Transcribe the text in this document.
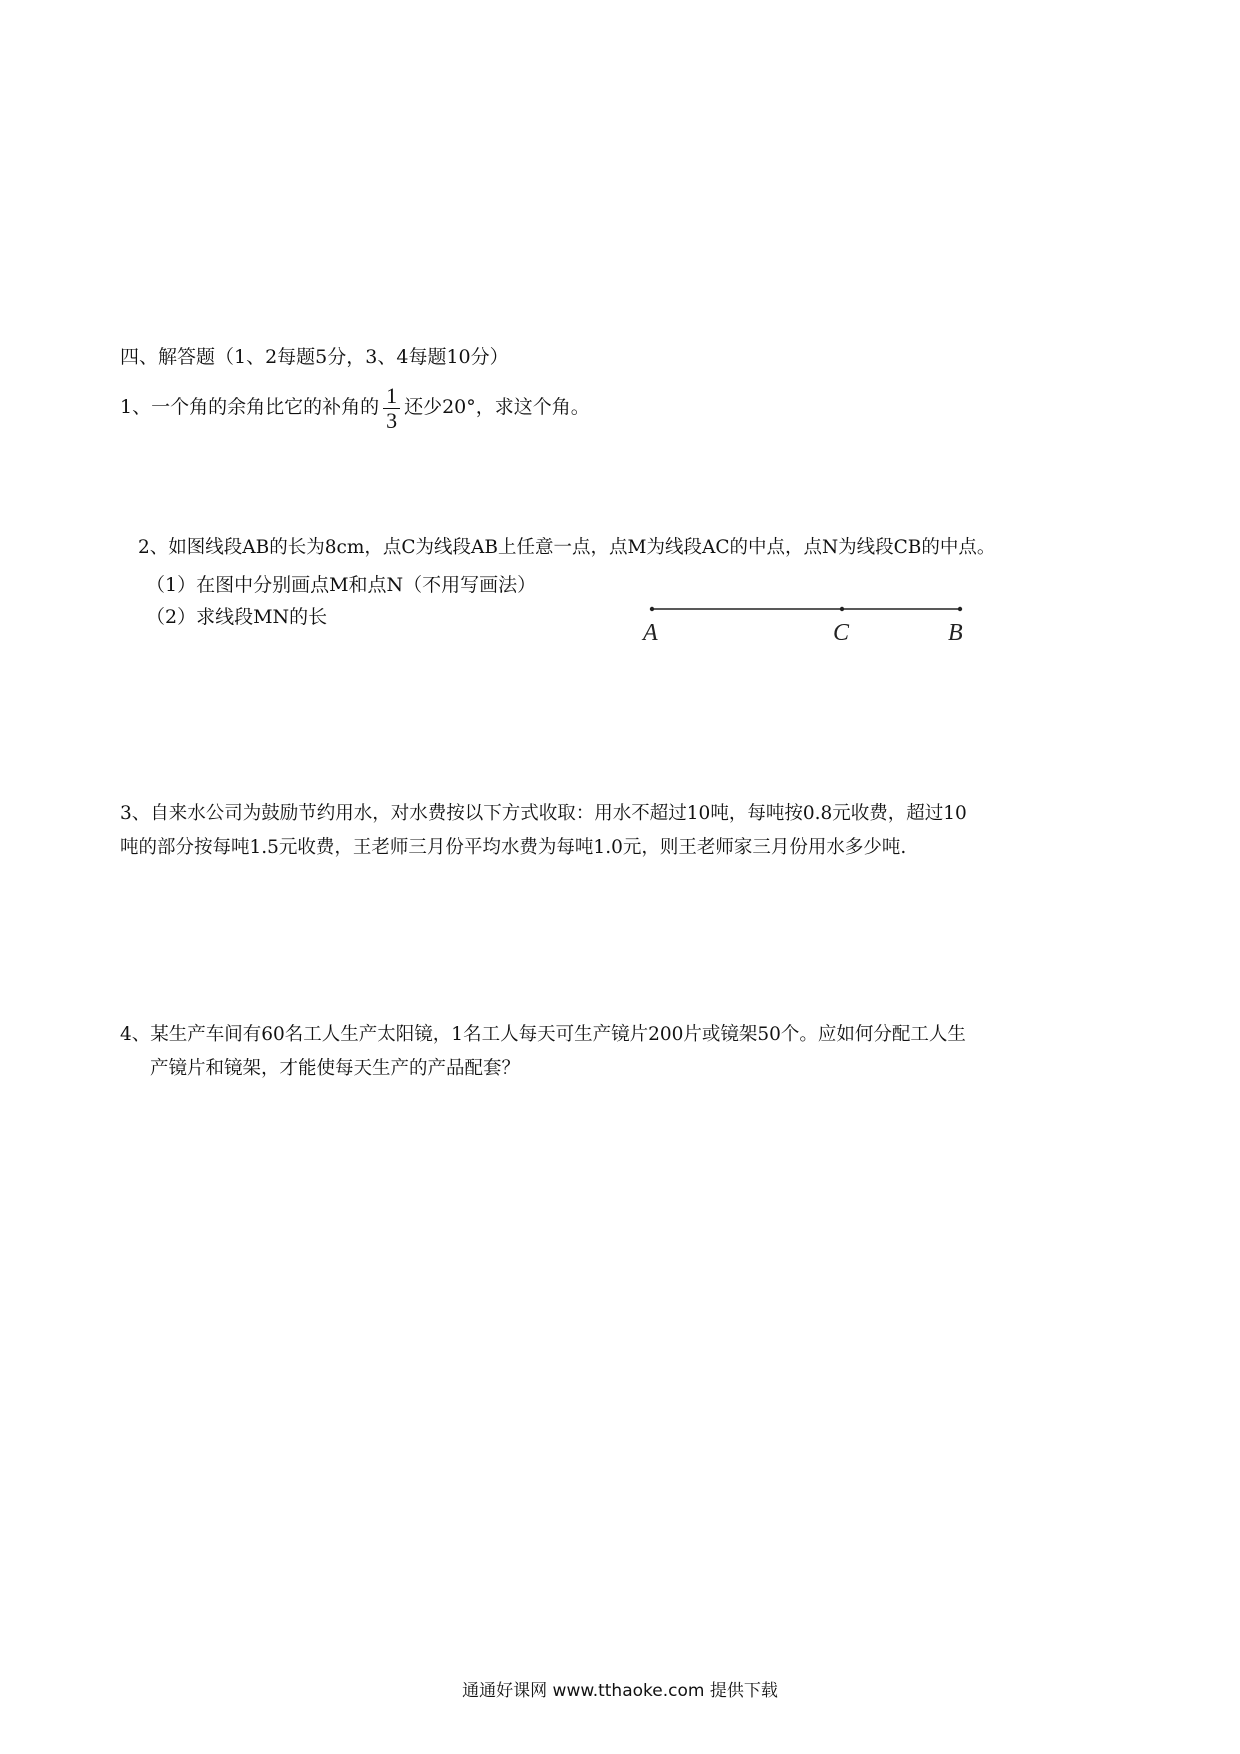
四、解答题（1、2每题5分，3、4每题10分）
1、一个角的余角比它的补角的 $\frac{1}{3}$ 还少20°，求这个角。
2、如图线段AB的长为8cm，点C为线段AB上任意一点，点M为线段AC的中点，点N为线段CB的中点。
（1）在图中分别画点M和点N（不用写画法）
（2）求线段MN的长
A	C	B
3、自来水公司为鼓励节约用水，对水费按以下方式收取：用水不超过10吨，每吨按0.8元收费，超过10
吨的部分按每吨1.5元收费，王老师三月份平均水费为每吨1.0元，则王老师家三月份用水多少吨.
4、某生产车间有60名工人生产太阳镜，1名工人每天可生产镜片200片或镜架50个。应如何分配工人生
产镜片和镜架，才能使每天生产的产品配套？
通通好课网 www.tthaoke.com 提供下载
